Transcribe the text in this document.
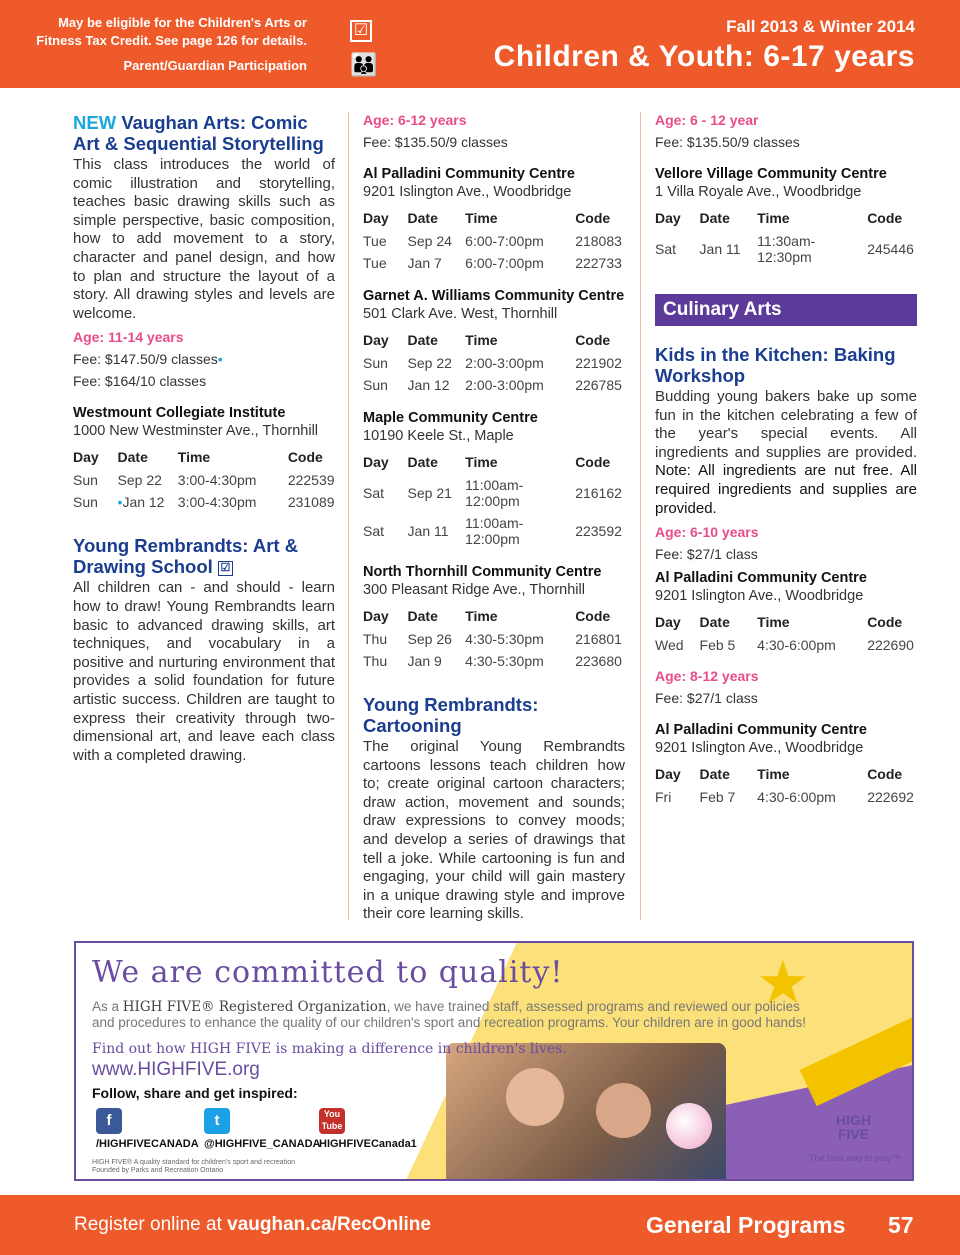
May be eligible for the Children's Arts or Fitness Tax Credit. See page 126 for details.
Parent/Guardian Participation
☑
👪
Fall 2013 & Winter 2014
Children & Youth: 6-17 years
NEW Vaughan Arts: Comic Art & Sequential Storytelling

This class introduces the world of comic illustration and storytelling, teaches basic drawing skills such as simple perspective, basic composition, how to add movement to a story, character and panel design, and how to plan and structure the layout of a story. All drawing styles and levels are welcome.

Age: 11-14 years
Fee: $147.50/9 classes•
Fee: $164/10 classes
Westmount Collegiate Institute
1000 New Westminster Ave., Thornhill
Day	Date	Time	Code
Sun	Sep 22	3:00-4:30pm	222539
Sun	•Jan 12	3:00-4:30pm	231089
Young Rembrandts: Art & Drawing School ☑

All children can - and should - learn how to draw! Young Rembrandts learn basic to advanced drawing skills, art techniques, and vocabulary in a positive and nurturing environment that provides a solid foundation for future artistic success. Children are taught to express their creativity through two-dimensional art, and leave each class with a completed drawing.

Age: 6-12 years
Fee: $135.50/9 classes
Al Palladini Community Centre
9201 Islington Ave., Woodbridge
Day	Date	Time	Code
Tue	Sep 24	6:00-7:00pm	218083
Tue	Jan 7	6:00-7:00pm	222733
Garnet A. Williams Community Centre
501 Clark Ave. West, Thornhill
Day	Date	Time	Code
Sun	Sep 22	2:00-3:00pm	221902
Sun	Jan 12	2:00-3:00pm	226785
Maple Community Centre
10190 Keele St., Maple
Day	Date	Time	Code
Sat	Sep 21	11:00am-12:00pm	216162
Sat	Jan 11	11:00am-12:00pm	223592
North Thornhill Community Centre
300 Pleasant Ridge Ave., Thornhill
Day	Date	Time	Code
Thu	Sep 26	4:30-5:30pm	216801
Thu	Jan 9	4:30-5:30pm	223680
Young Rembrandts: Cartooning

The original Young Rembrandts cartoons lessons teach children how to; create original cartoon characters; draw action, movement and sounds; draw expressions to convey moods; and develop a series of drawings that tell a joke. While cartooning is fun and engaging, your child will gain mastery in a unique drawing style and improve their core learning skills.

Age: 6 - 12 year
Fee: $135.50/9 classes
Vellore Village Community Centre
1 Villa Royale Ave., Woodbridge
Day	Date	Time	Code
Sat	Jan 11	11:30am-12:30pm	245446
Culinary Arts
Kids in the Kitchen: Baking Workshop

Budding young bakers bake up some fun in the kitchen celebrating a few of the year's special events. All ingredients and supplies are provided. Note: All ingredients are nut free. All required ingredients and supplies are provided.

Age: 6-10 years
Fee: $27/1 class
Al Palladini Community Centre
9201 Islington Ave., Woodbridge
Day	Date	Time	Code
Wed	Feb 5	4:30-6:00pm	222690
Age: 8-12 years
Fee: $27/1 class
Al Palladini Community Centre
9201 Islington Ave., Woodbridge
Day	Date	Time	Code
Fri	Feb 7	4:30-6:00pm	222692
★
We are committed to quality!
As a HIGH FIVE® Registered Organization, we have trained staff, assessed programs and reviewed our policies and procedures to enhance the quality of our children's sport and recreation programs. Your children are in good hands!
Find out how HIGH FIVE is making a difference in children's lives.
www.HIGHFIVE.org
Follow, share and get inspired:
f	t	You Tube
/HIGHFIVECANADA @HIGHFIVE_CANADA
HIGHFIVECanada1
HIGH FIVE® A quality standard for children's sport and recreation
Founded by Parks and Recreation Ontario
HIGH
FIVE
The best way to play™
Register online at vaughan.ca/RecOnline	General Programs 57
